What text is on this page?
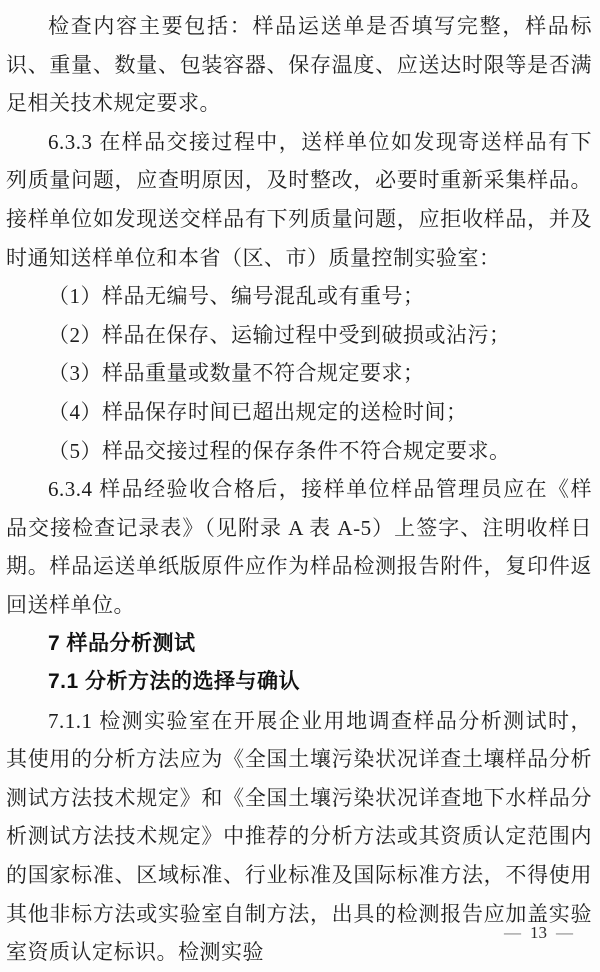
检查内容主要包括：样品运送单是否填写完整，样品标识、重量、数量、包装容器、保存温度、应送达时限等是否满足相关技术规定要求。

6.3.3 在样品交接过程中，送样单位如发现寄送样品有下列质量问题，应查明原因，及时整改，必要时重新采集样品。接样单位如发现送交样品有下列质量问题，应拒收样品，并及时通知送样单位和本省（区、市）质量控制实验室：

（1）样品无编号、编号混乱或有重号；

（2）样品在保存、运输过程中受到破损或沾污；

（3）样品重量或数量不符合规定要求；

（4）样品保存时间已超出规定的送检时间；

（5）样品交接过程的保存条件不符合规定要求。

6.3.4 样品经验收合格后，接样单位样品管理员应在《样品交接检查记录表》（见附录 A 表 A-5）上签字、注明收样日期。样品运送单纸版原件应作为样品检测报告附件，复印件返回送样单位。

7 样品分析测试

7.1 分析方法的选择与确认

7.1.1 检测实验室在开展企业用地调查样品分析测试时，其使用的分析方法应为《全国土壤污染状况详查土壤样品分析测试方法技术规定》和《全国土壤污染状况详查地下水样品分析测试方法技术规定》中推荐的分析方法或其资质认定范围内的国家标准、区域标准、行业标准及国际标准方法，不得使用其他非标方法或实验室自制方法，出具的检测报告应加盖实验室资质认定标识。检测实验

— 13 —
